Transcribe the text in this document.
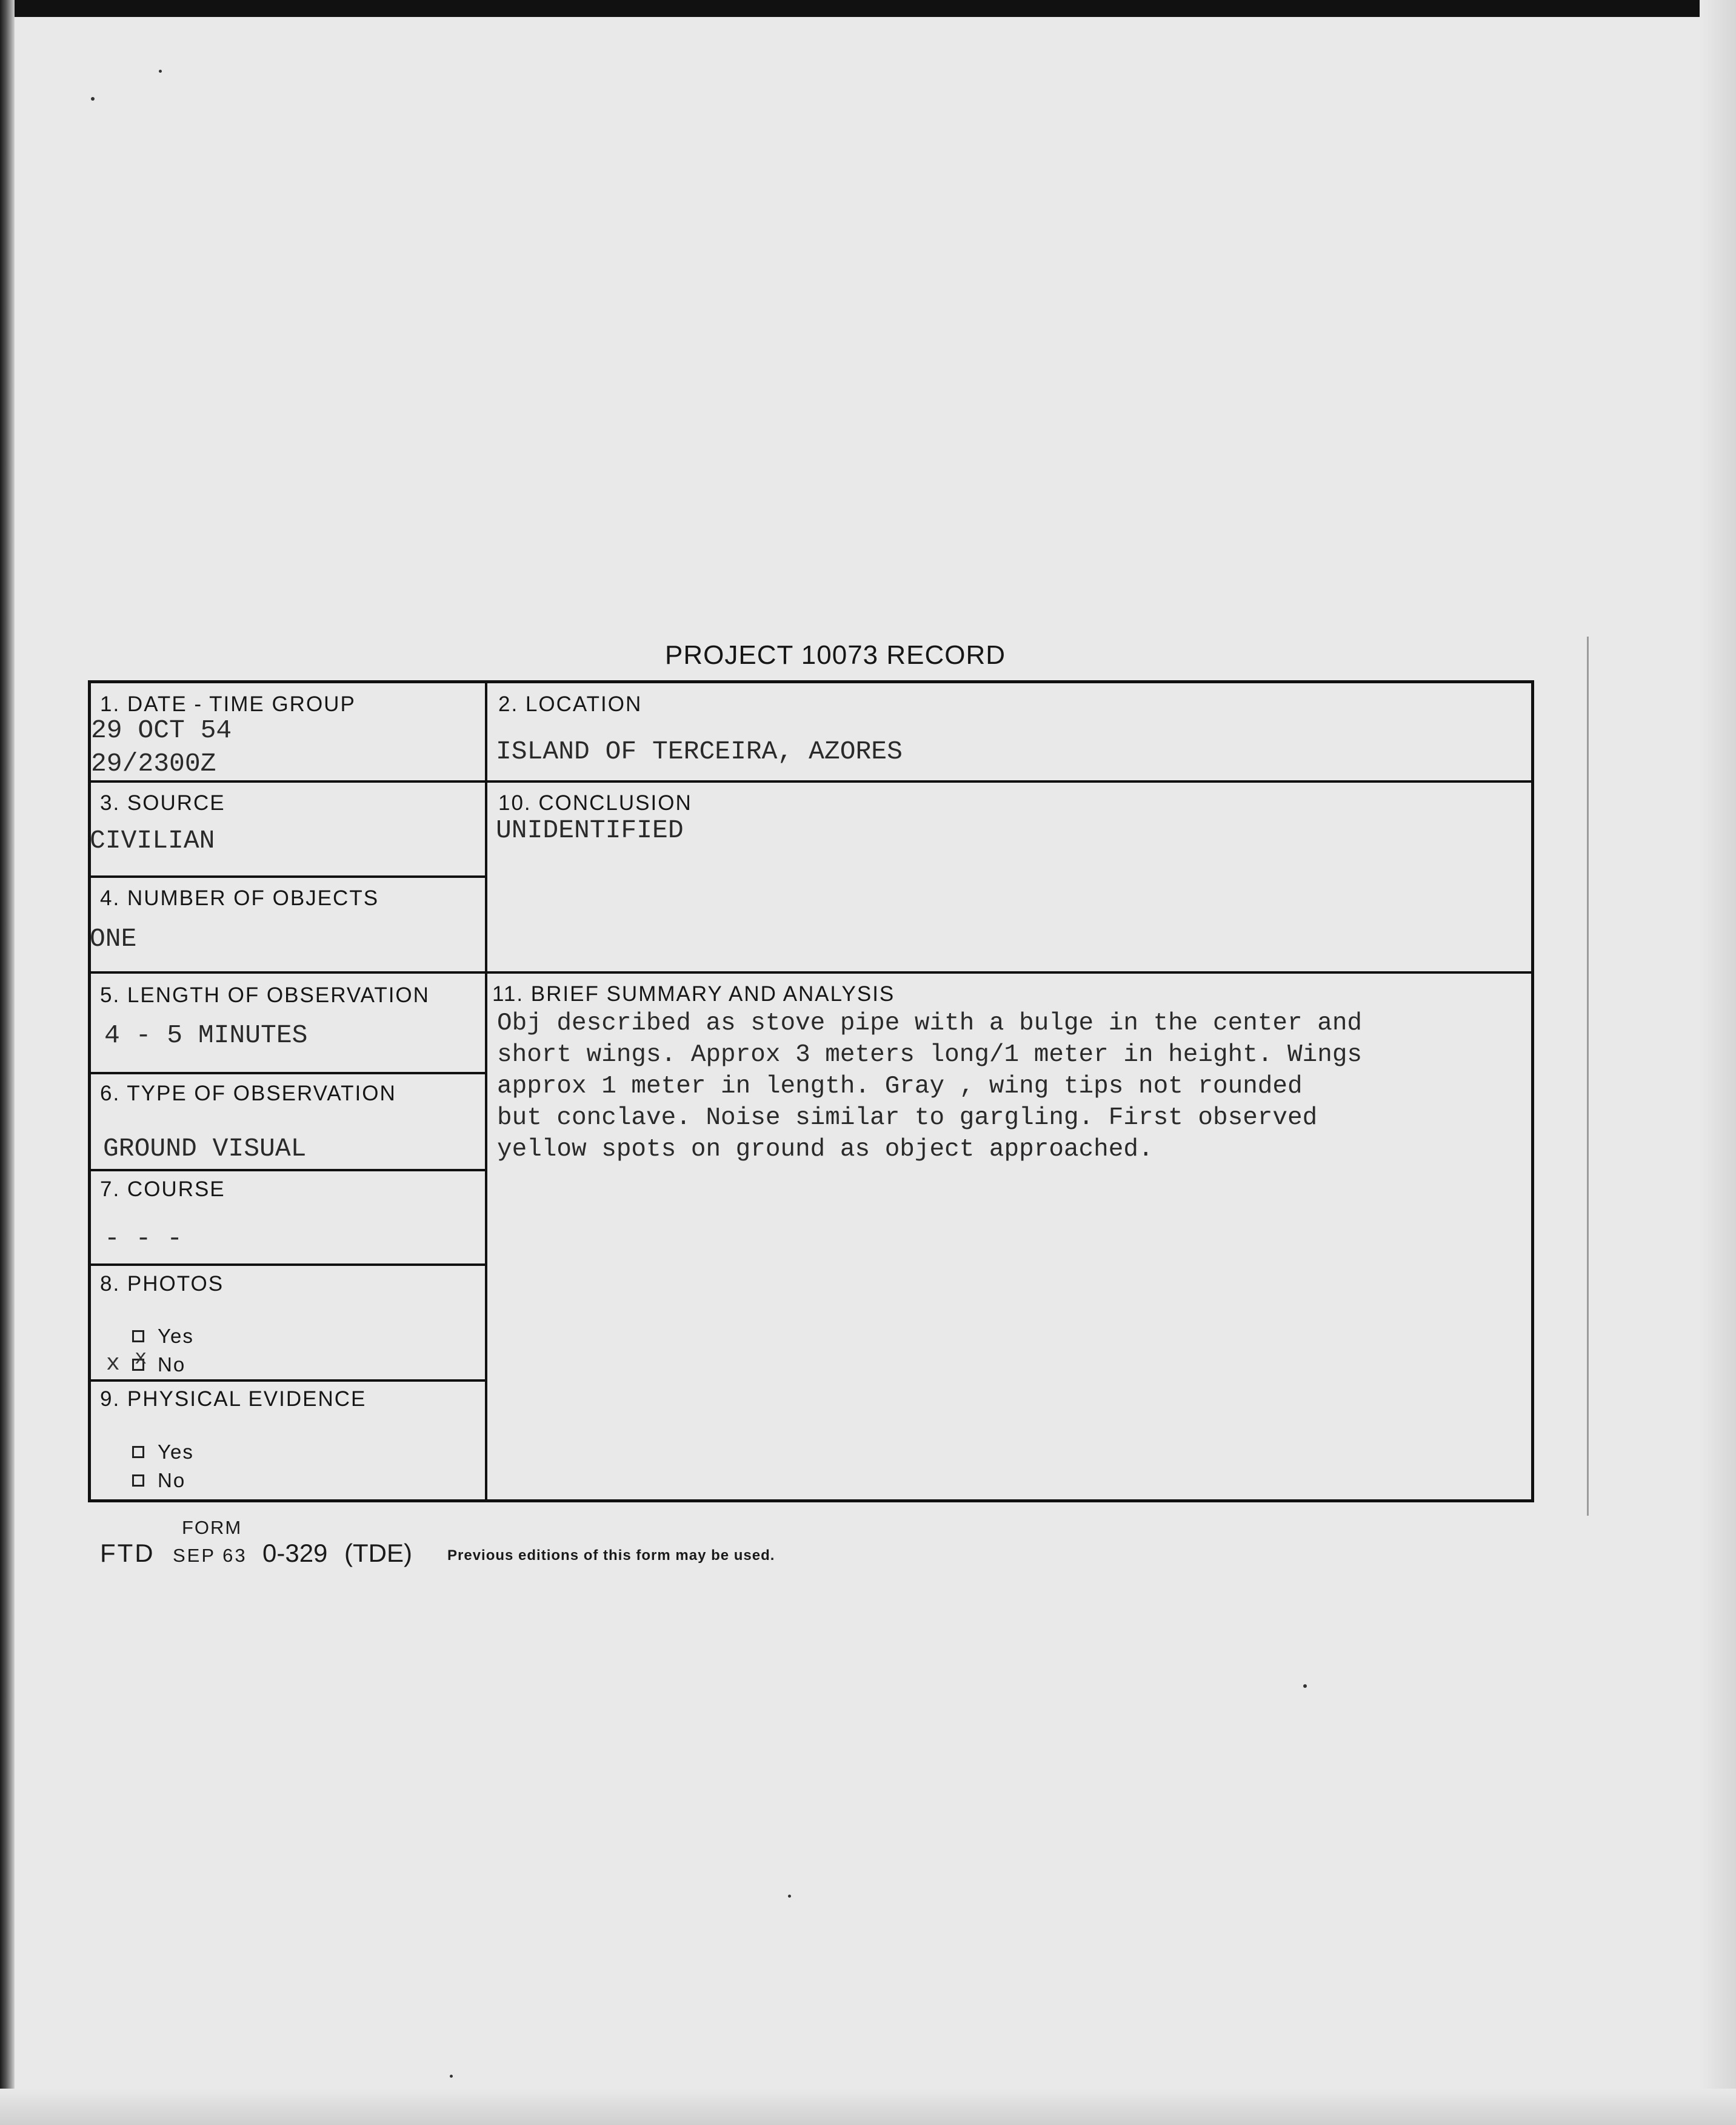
PROJECT 10073 RECORD
1. DATE - TIME GROUP
29 OCT 54
29/2300Z
2. LOCATION
ISLAND OF TERCEIRA, AZORES
3. SOURCE
CIVILIAN
10. CONCLUSION
UNIDENTIFIED
4. NUMBER OF OBJECTS
ONE
5. LENGTH OF OBSERVATION
4 - 5 MINUTES
6. TYPE OF OBSERVATION
GROUND VISUAL
7. COURSE
- - -
8. PHOTOS
Yes
No
x x
9. PHYSICAL EVIDENCE
Yes
No
11. BRIEF SUMMARY AND ANALYSIS
Obj described as stove pipe with a bulge in the center and
short wings. Approx 3 meters long/1 meter in height. Wings
approx 1 meter in length. Gray , wing tips not rounded
but conclave. Noise similar to gargling. First observed
yellow spots on ground as object approached.
FORM
FTD SEP 63 0-329 (TDE) Previous editions of this form may be used.
